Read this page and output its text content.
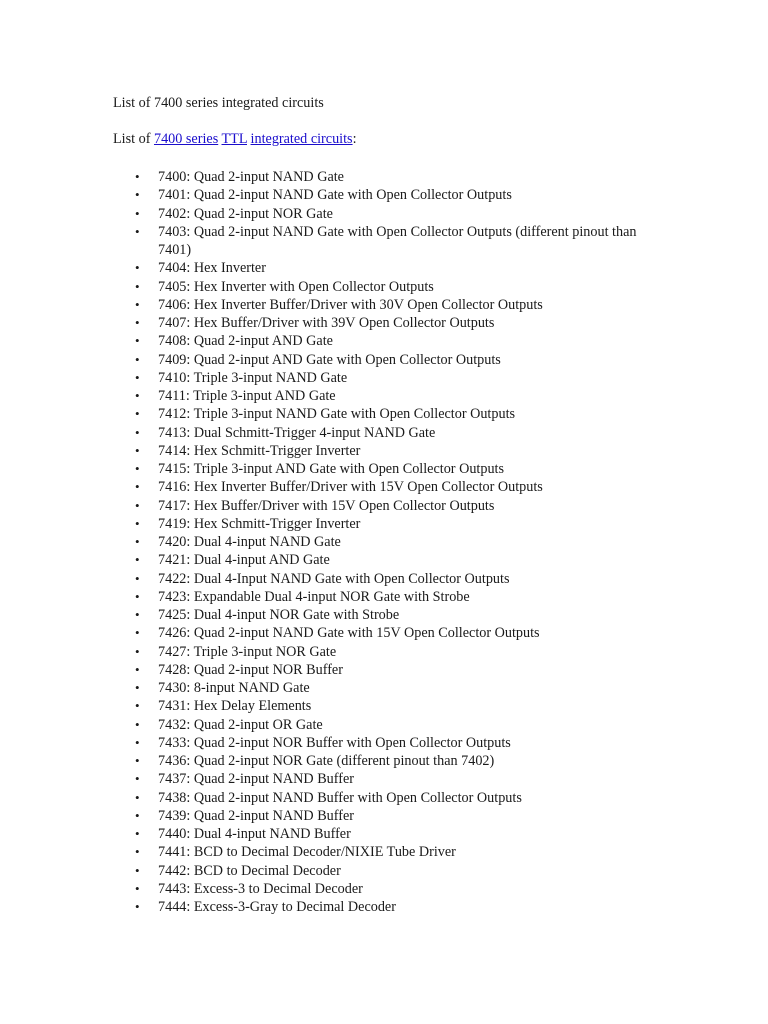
List of 7400 series integrated circuits

List of 7400 series TTL integrated circuits:

• 7400: Quad 2-input NAND Gate
• 7401: Quad 2-input NAND Gate with Open Collector Outputs
• 7402: Quad 2-input NOR Gate
• 7403: Quad 2-input NAND Gate with Open Collector Outputs (different pinout than 7401)
• 7404: Hex Inverter
• 7405: Hex Inverter with Open Collector Outputs
• 7406: Hex Inverter Buffer/Driver with 30V Open Collector Outputs
• 7407: Hex Buffer/Driver with 39V Open Collector Outputs
• 7408: Quad 2-input AND Gate
• 7409: Quad 2-input AND Gate with Open Collector Outputs
• 7410: Triple 3-input NAND Gate
• 7411: Triple 3-input AND Gate
• 7412: Triple 3-input NAND Gate with Open Collector Outputs
• 7413: Dual Schmitt-Trigger 4-input NAND Gate
• 7414: Hex Schmitt-Trigger Inverter
• 7415: Triple 3-input AND Gate with Open Collector Outputs
• 7416: Hex Inverter Buffer/Driver with 15V Open Collector Outputs
• 7417: Hex Buffer/Driver with 15V Open Collector Outputs
• 7419: Hex Schmitt-Trigger Inverter
• 7420: Dual 4-input NAND Gate
• 7421: Dual 4-input AND Gate
• 7422: Dual 4-Input NAND Gate with Open Collector Outputs
• 7423: Expandable Dual 4-input NOR Gate with Strobe
• 7425: Dual 4-input NOR Gate with Strobe
• 7426: Quad 2-input NAND Gate with 15V Open Collector Outputs
• 7427: Triple 3-input NOR Gate
• 7428: Quad 2-input NOR Buffer
• 7430: 8-input NAND Gate
• 7431: Hex Delay Elements
• 7432: Quad 2-input OR Gate
• 7433: Quad 2-input NOR Buffer with Open Collector Outputs
• 7436: Quad 2-input NOR Gate (different pinout than 7402)
• 7437: Quad 2-input NAND Buffer
• 7438: Quad 2-input NAND Buffer with Open Collector Outputs
• 7439: Quad 2-input NAND Buffer
• 7440: Dual 4-input NAND Buffer
• 7441: BCD to Decimal Decoder/NIXIE Tube Driver
• 7442: BCD to Decimal Decoder
• 7443: Excess-3 to Decimal Decoder
• 7444: Excess-3-Gray to Decimal Decoder
